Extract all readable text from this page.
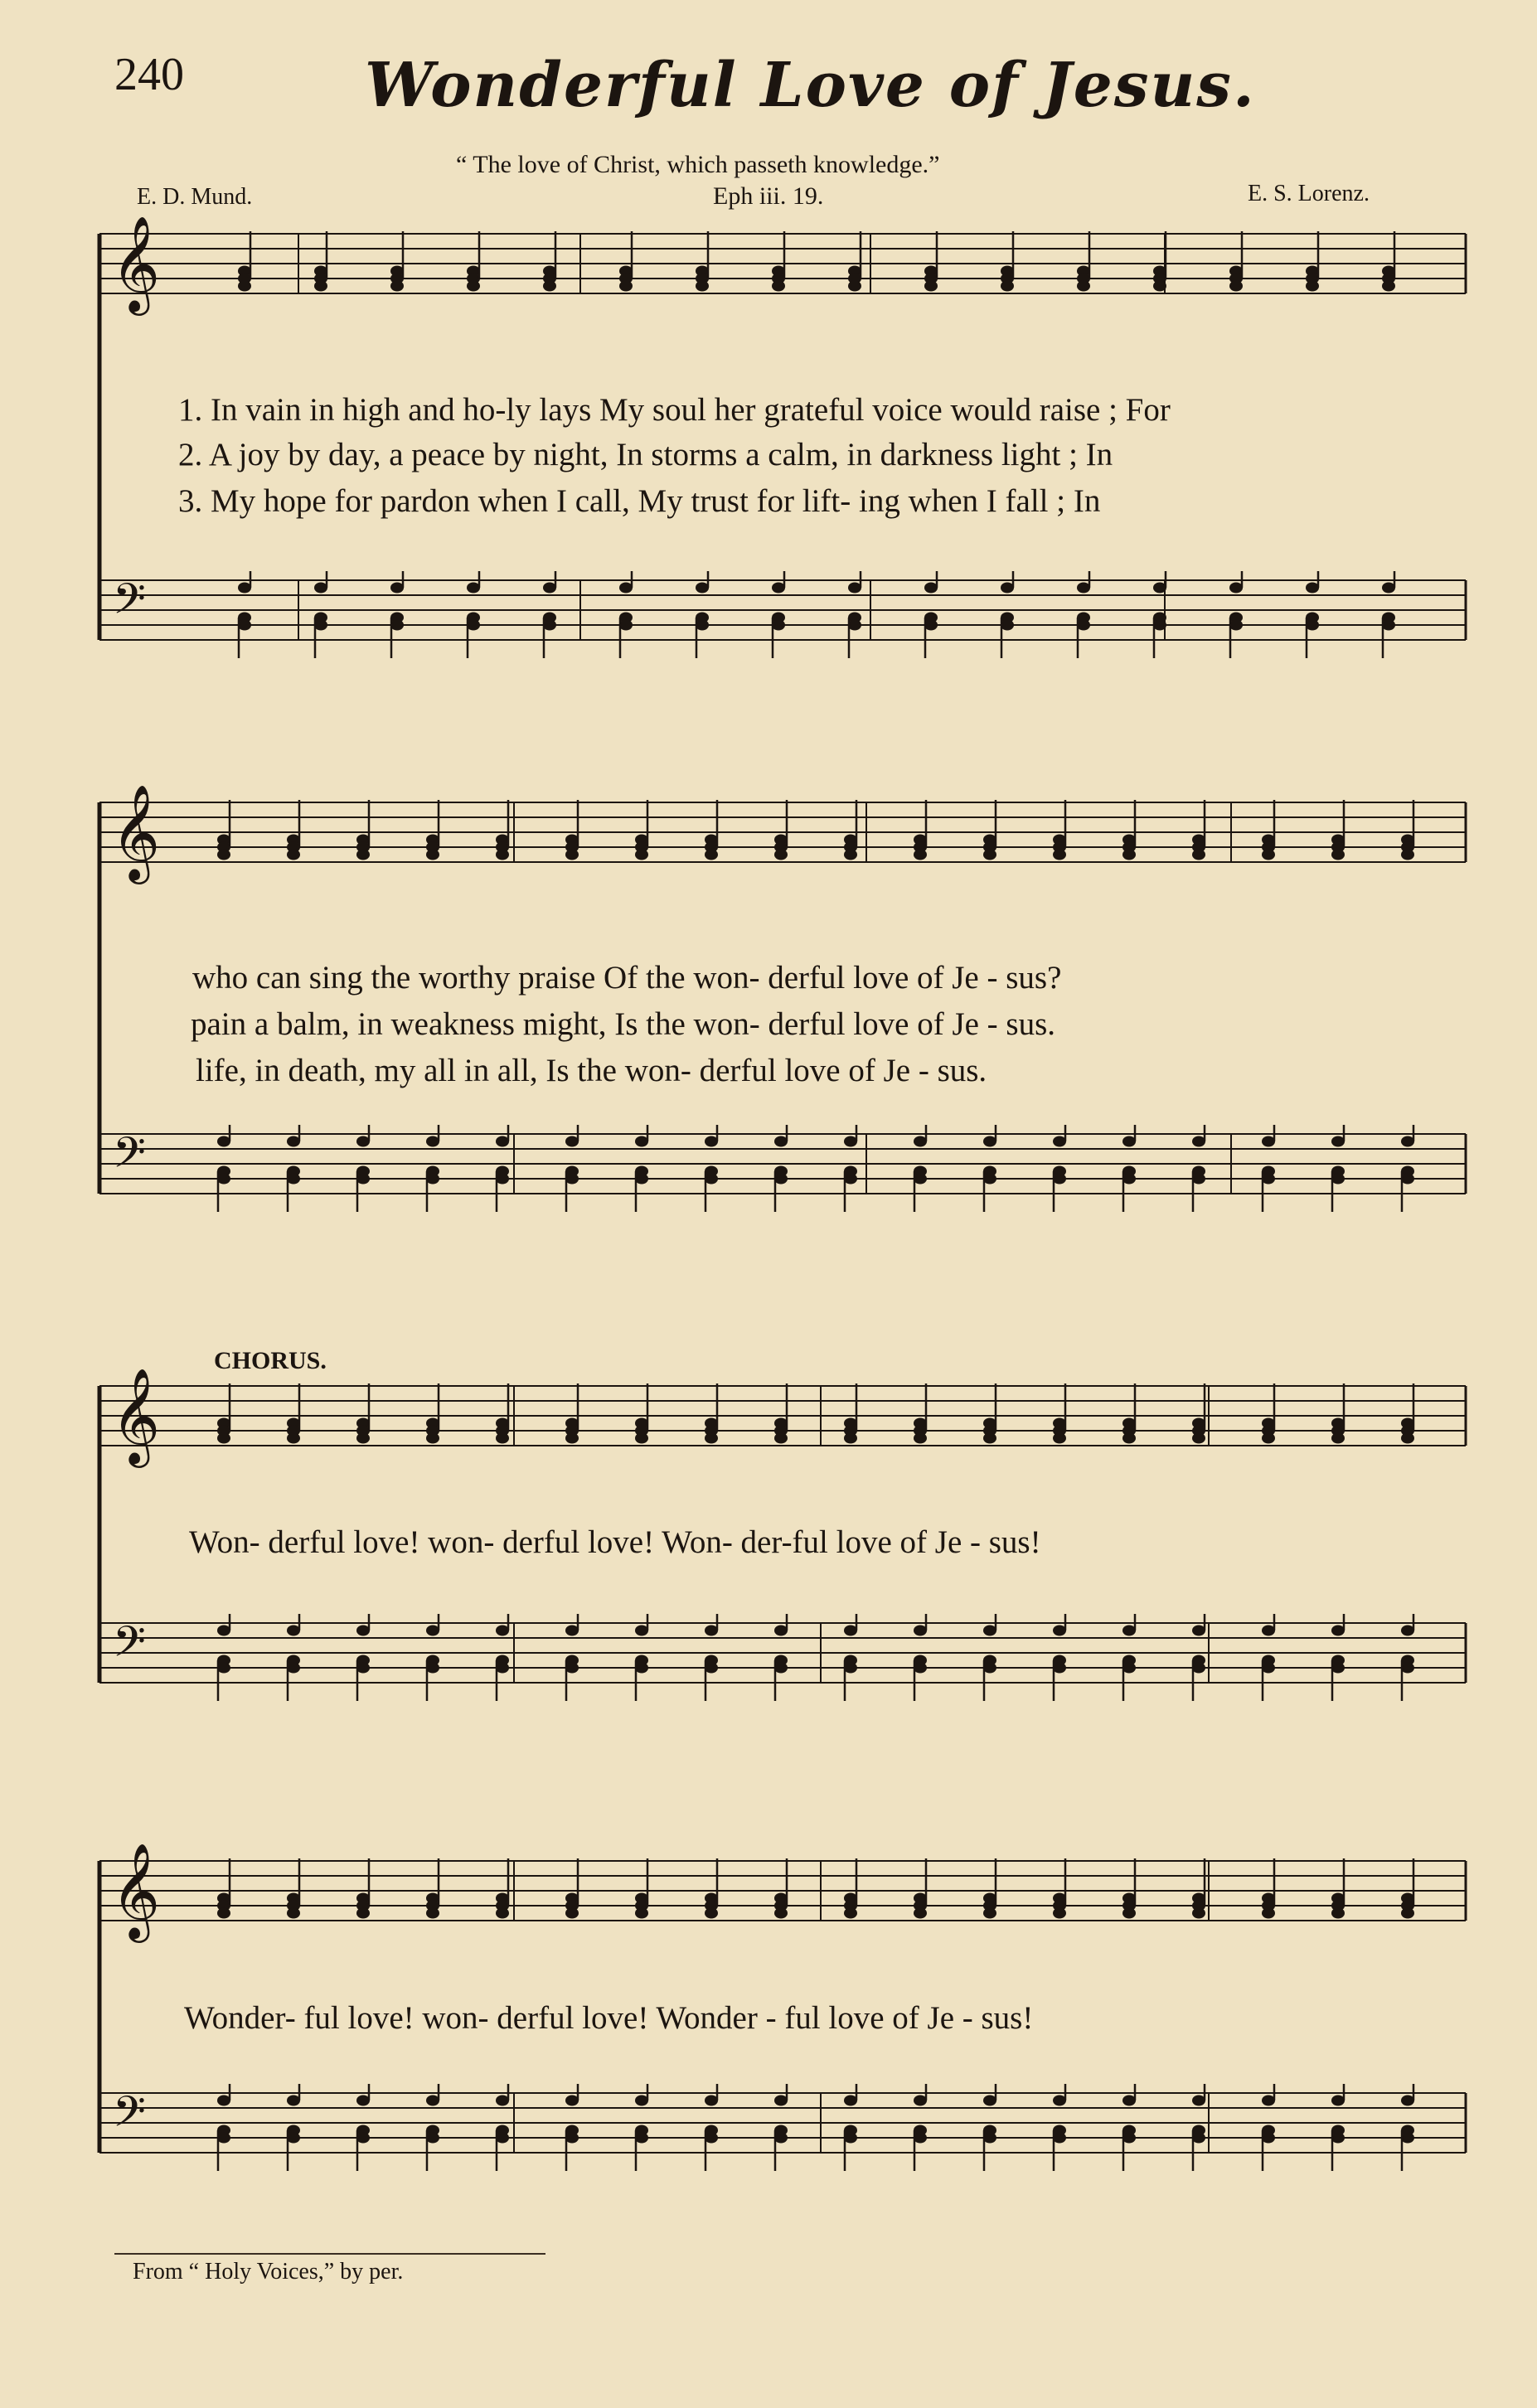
𝄞
𝄢
𝄞
𝄢
𝄞
𝄢
𝄞
𝄢
240	Wonderful Love of Jesus.
“ The love of Christ, which passeth knowledge.”
Eph iii. 19.
E. D. Mund.	E. S. Lorenz.
1. In vain in high and ho-ly lays My soul her grateful voice would raise ; For
2. A joy by day, a peace by night, In storms a calm, in darkness light ; In
3. My hope for pardon when I call, My trust for lift- ing when I fall ; In
who can sing the worthy praise Of the won- derful love of Je - sus?
pain a balm, in weakness might, Is the won- derful love of Je - sus.
life, in death, my all in all, Is the won- derful love of Je - sus.
CHORUS.
Won- derful love! won- derful love! Won- der-ful love of Je - sus!
Wonder- ful love! won- derful love! Wonder - ful love of Je - sus!
From “ Holy Voices,” by per.
